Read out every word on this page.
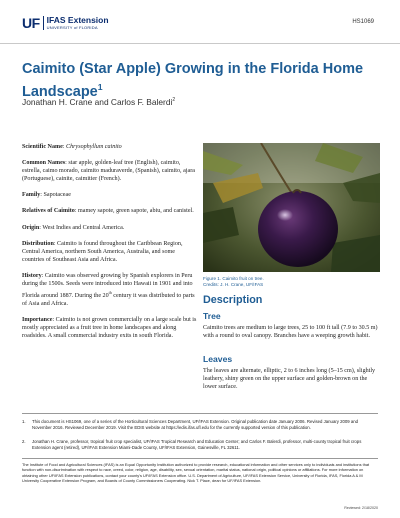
UF IFAS Extension
UNIVERSITY of FLORIDA
HS1069
Caimito (Star Apple) Growing in the Florida Home Landscape$^1$
Jonathan H. Crane and Carlos F. Balerdi$^2$

Scientific Name: Chrysophyllum cainito

Common Names: star apple, golden-leaf tree (English), caimito, estrella, caimo morado, caimito maduraverde, (Spanish), caimito, ajara (Portuguese), cainite, caimitier (French).

Family: Sapotaceae

Relatives of Caimito: mamey sapote, green sapote, abiu, and canistel.

Origin: West Indies and Central America.

Distribution: Caimito is found throughout the Caribbean Region, Central America, northern South America, Australia, and some countries of Southeast Asia and Africa.

History: Caimito was observed growing by Spanish explorers in Peru during the 1500s. Seeds were introduced into Hawaii in 1901 and into Florida around 1887. During the 20th century it was distributed to parts of Asia and Africa.

Importance: Caimito is not grown commercially on a large scale but is mostly appreciated as a fruit tree in home landscapes and along roadsides. A small commercial industry exits in south Florida.

Figure 1. Caimito fruit on tree.
Credits: J. H. Crane, UF/IFAS
Description
Tree
Caimito trees are medium to large trees, 25 to 100 ft tall (7.9 to 30.5 m) with a round to oval canopy. Branches have a weeping growth habit.
Leaves
The leaves are alternate, elliptic, 2 to 6 inches long (5–15 cm), slightly leathery, shiny green on the upper surface and golden-brown on the lower surface.
1.	This document is HS1069, one of a series of the Horticultural Sciences Department, UF/IFAS Extension. Original publication date January 2006. Revised January 2009 and November 2016. Reviewed December 2019. Visit the EDIS website at https://edis.ifas.ufl.edu for the currently supported version of this publication.
2.	Jonathan H. Crane, professor, tropical fruit crop specialist, UF/IFAS Tropical Research and Education Center; and Carlos F. Balerdi, professor, multi-county tropical fruit crops Extension agent (retired), UF/IFAS Extension Miami-Dade County, UF/IFAS Extension, Gainesville, FL 32611.
The Institute of Food and Agricultural Sciences (IFAS) is an Equal Opportunity Institution authorized to provide research, educational information and other services only to individuals and institutions that function with non-discrimination with respect to race, creed, color, religion, age, disability, sex, sexual orientation, marital status, national origin, political opinions or affiliations. For more information on obtaining other UF/IFAS Extension publications, contact your county's UF/IFAS Extension office. U.S. Department of Agriculture, UF/IFAS Extension Service, University of Florida, IFAS, Florida A & M University Cooperative Extension Program, and Boards of County Commissioners Cooperating. Nick T. Place, dean for UF/IFAS Extension.
Reviewed: 2/18/2020
